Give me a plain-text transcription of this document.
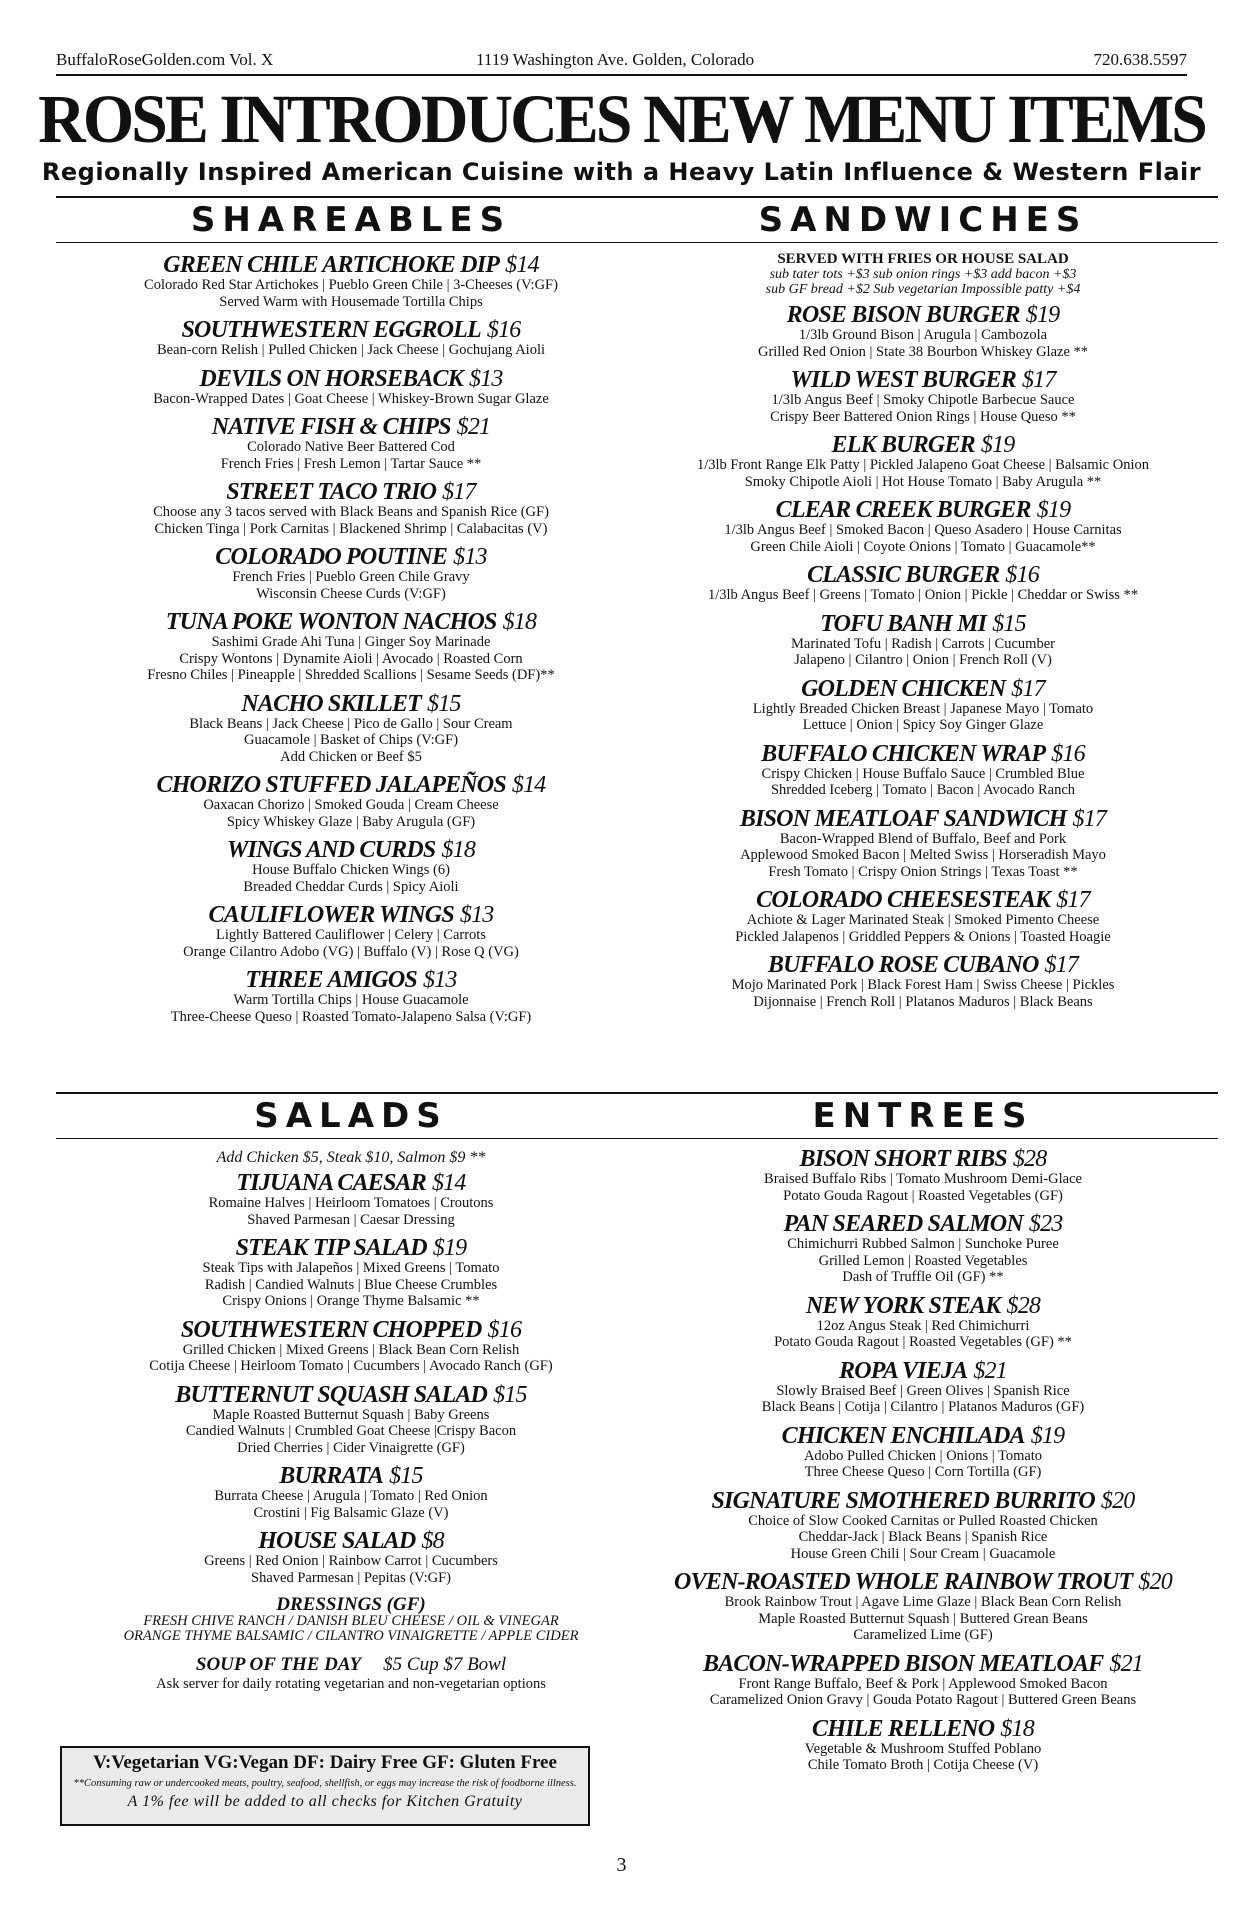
BuffaloRoseGolden.com Vol. X	1119 Washington Ave. Golden, Colorado	720.638.5597
ROSE INTRODUCES NEW MENU ITEMS
Regionally Inspired American Cuisine with a Heavy Latin Influence & Western Flair
SHAREABLES
GREEN CHILE ARTICHOKE DIP $14
Colorado Red Star Artichokes | Pueblo Green Chile | 3-Cheeses (V:GF)
Served Warm with Housemade Tortilla Chips
SOUTHWESTERN EGGROLL $16
Bean-corn Relish | Pulled Chicken | Jack Cheese | Gochujang Aioli
DEVILS ON HORSEBACK $13
Bacon-Wrapped Dates | Goat Cheese | Whiskey-Brown Sugar Glaze
NATIVE FISH & CHIPS $21
Colorado Native Beer Battered Cod
French Fries | Fresh Lemon | Tartar Sauce **
STREET TACO TRIO $17
Choose any 3 tacos served with Black Beans and Spanish Rice (GF)
Chicken Tinga | Pork Carnitas | Blackened Shrimp | Calabacitas (V)
COLORADO POUTINE $13
French Fries | Pueblo Green Chile Gravy
Wisconsin Cheese Curds (V:GF)
TUNA POKE WONTON NACHOS $18
Sashimi Grade Ahi Tuna | Ginger Soy Marinade
Crispy Wontons | Dynamite Aioli | Avocado | Roasted Corn
Fresno Chiles | Pineapple | Shredded Scallions | Sesame Seeds (DF)**
NACHO SKILLET $15
Black Beans | Jack Cheese | Pico de Gallo | Sour Cream
Guacamole | Basket of Chips (V:GF)
Add Chicken or Beef $5
CHORIZO STUFFED JALAPEÑOS $14
Oaxacan Chorizo | Smoked Gouda | Cream Cheese
Spicy Whiskey Glaze | Baby Arugula (GF)
WINGS AND CURDS $18
House Buffalo Chicken Wings (6)
Breaded Cheddar Curds | Spicy Aioli
CAULIFLOWER WINGS $13
Lightly Battered Cauliflower | Celery | Carrots
Orange Cilantro Adobo (VG) | Buffalo (V) | Rose Q (VG)
THREE AMIGOS $13
Warm Tortilla Chips | House Guacamole
Three-Cheese Queso | Roasted Tomato-Jalapeno Salsa (V:GF)
SANDWICHES
SERVED WITH FRIES OR HOUSE SALAD
sub tater tots +$3 sub onion rings +$3 add bacon +$3
sub GF bread +$2 Sub vegetarian Impossible patty +$4
ROSE BISON BURGER $19
1/3lb Ground Bison | Arugula | Cambozola
Grilled Red Onion | State 38 Bourbon Whiskey Glaze **
WILD WEST BURGER $17
1/3lb Angus Beef | Smoky Chipotle Barbecue Sauce
Crispy Beer Battered Onion Rings | House Queso **
ELK BURGER $19
1/3lb Front Range Elk Patty | Pickled Jalapeno Goat Cheese | Balsamic Onion
Smoky Chipotle Aioli | Hot House Tomato | Baby Arugula **
CLEAR CREEK BURGER $19
1/3lb Angus Beef | Smoked Bacon | Queso Asadero | House Carnitas
Green Chile Aioli | Coyote Onions | Tomato | Guacamole**
CLASSIC BURGER $16
1/3lb Angus Beef | Greens | Tomato | Onion | Pickle | Cheddar or Swiss **
TOFU BANH MI $15
Marinated Tofu | Radish | Carrots | Cucumber
Jalapeno | Cilantro | Onion | French Roll (V)
GOLDEN CHICKEN $17
Lightly Breaded Chicken Breast | Japanese Mayo | Tomato
Lettuce | Onion | Spicy Soy Ginger Glaze
BUFFALO CHICKEN WRAP $16
Crispy Chicken | House Buffalo Sauce | Crumbled Blue
Shredded Iceberg | Tomato | Bacon | Avocado Ranch
BISON MEATLOAF SANDWICH $17
Bacon-Wrapped Blend of Buffalo, Beef and Pork
Applewood Smoked Bacon | Melted Swiss | Horseradish Mayo
Fresh Tomato | Crispy Onion Strings | Texas Toast **
COLORADO CHEESESTEAK $17
Achiote & Lager Marinated Steak | Smoked Pimento Cheese
Pickled Jalapenos | Griddled Peppers & Onions | Toasted Hoagie
BUFFALO ROSE CUBANO $17
Mojo Marinated Pork | Black Forest Ham | Swiss Cheese | Pickles
Dijonnaise | French Roll | Platanos Maduros | Black Beans
SALADS
Add Chicken $5, Steak $10, Salmon $9 **
TIJUANA CAESAR $14
Romaine Halves | Heirloom Tomatoes | Croutons
Shaved Parmesan | Caesar Dressing
STEAK TIP SALAD $19
Steak Tips with Jalapeños | Mixed Greens | Tomato
Radish | Candied Walnuts | Blue Cheese Crumbles
Crispy Onions | Orange Thyme Balsamic **
SOUTHWESTERN CHOPPED $16
Grilled Chicken | Mixed Greens | Black Bean Corn Relish
Cotija Cheese | Heirloom Tomato | Cucumbers | Avocado Ranch (GF)
BUTTERNUT SQUASH SALAD $15
Maple Roasted Butternut Squash | Baby Greens
Candied Walnuts | Crumbled Goat Cheese |Crispy Bacon
Dried Cherries | Cider Vinaigrette (GF)
BURRATA $15
Burrata Cheese | Arugula | Tomato | Red Onion
Crostini | Fig Balsamic Glaze (V)
HOUSE SALAD $8
Greens | Red Onion | Rainbow Carrot | Cucumbers
Shaved Parmesan | Pepitas (V:GF)
DRESSINGS (GF)
FRESH CHIVE RANCH / DANISH BLEU CHEESE / OIL & VINEGAR
ORANGE THYME BALSAMIC / CILANTRO VINAIGRETTE / APPLE CIDER
SOUP OF THE DAY $5 Cup $7 Bowl
Ask server for daily rotating vegetarian and non-vegetarian options
ENTREES
BISON SHORT RIBS $28
Braised Buffalo Ribs | Tomato Mushroom Demi-Glace
Potato Gouda Ragout | Roasted Vegetables (GF)
PAN SEARED SALMON $23
Chimichurri Rubbed Salmon | Sunchoke Puree
Grilled Lemon | Roasted Vegetables
Dash of Truffle Oil (GF) **
NEW YORK STEAK $28
12oz Angus Steak | Red Chimichurri
Potato Gouda Ragout | Roasted Vegetables (GF) **
ROPA VIEJA $21
Slowly Braised Beef | Green Olives | Spanish Rice
Black Beans | Cotija | Cilantro | Platanos Maduros (GF)
CHICKEN ENCHILADA $19
Adobo Pulled Chicken | Onions | Tomato
Three Cheese Queso | Corn Tortilla (GF)
SIGNATURE SMOTHERED BURRITO $20
Choice of Slow Cooked Carnitas or Pulled Roasted Chicken
Cheddar-Jack | Black Beans | Spanish Rice
House Green Chili | Sour Cream | Guacamole
OVEN-ROASTED WHOLE RAINBOW TROUT $20
Brook Rainbow Trout | Agave Lime Glaze | Black Bean Corn Relish
Maple Roasted Butternut Squash | Buttered Grean Beans
Caramelized Lime (GF)
BACON-WRAPPED BISON MEATLOAF $21
Front Range Buffalo, Beef & Pork | Applewood Smoked Bacon
Caramelized Onion Gravy | Gouda Potato Ragout | Buttered Green Beans
CHILE RELLENO $18
Vegetable & Mushroom Stuffed Poblano
Chile Tomato Broth | Cotija Cheese (V)
V:Vegetarian VG:Vegan DF: Dairy Free GF: Gluten Free
**Consuming raw or undercooked meats, poultry, seafood, shellfish, or eggs may increase the risk of foodborne illness.
A 1% fee will be added to all checks for Kitchen Gratuity
3
